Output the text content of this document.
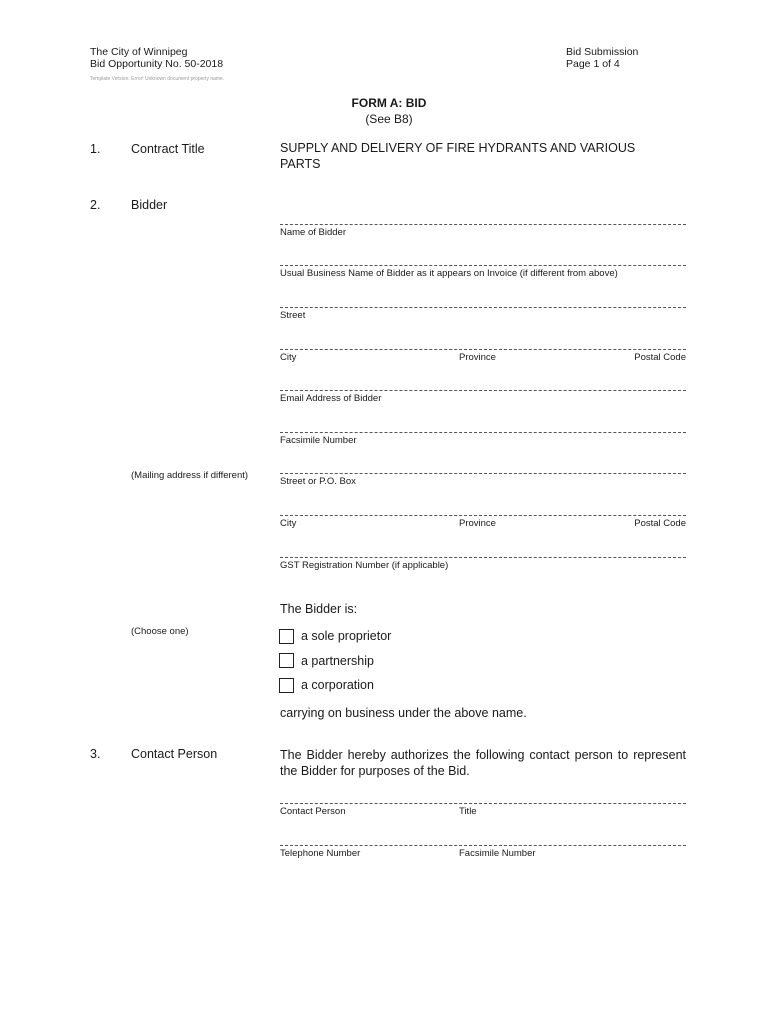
The City of Winnipeg
Bid Opportunity No. 50-2018
Template Version: Error! Unknown document property name.
Bid Submission
Page 1 of 4
FORM A: BID
(See B8)
1. Contract Title	SUPPLY AND DELIVERY OF FIRE HYDRANTS AND VARIOUS
PARTS
2. Bidder
Name of Bidder
Usual Business Name of Bidder as it appears on Invoice (if different from above)
Street
City	Province	Postal Code
Email Address of Bidder
Facsimile Number
(Mailing address if different)
Street or P.O. Box
City	Province	Postal Code
GST Registration Number (if applicable)
The Bidder is:
(Choose one)	a sole proprietor
a partnership
a corporation
carrying on business under the above name.
3. Contact Person	The Bidder hereby authorizes the following contact person to represent the Bidder for purposes of the Bid.
Contact Person	Title
Telephone Number	Facsimile Number
